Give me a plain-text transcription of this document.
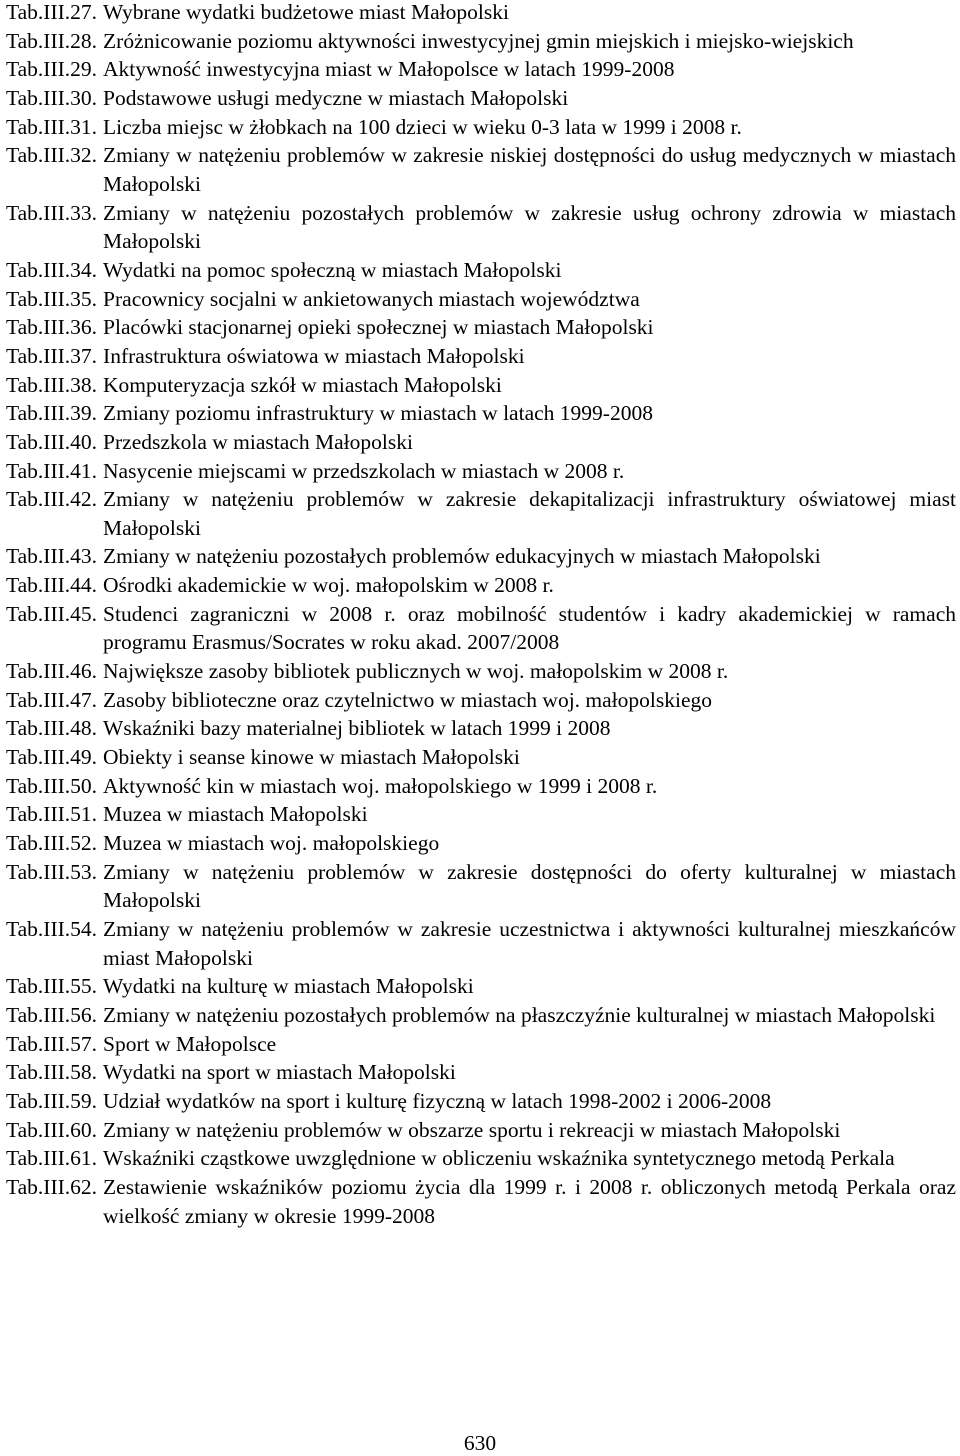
Tab.III.27. Wybrane wydatki budżetowe miast Małopolski
Tab.III.28. Zróżnicowanie poziomu aktywności inwestycyjnej gmin miejskich i miejsko-wiejskich
Tab.III.29. Aktywność inwestycyjna miast w Małopolsce w latach 1999-2008
Tab.III.30. Podstawowe usługi medyczne w miastach Małopolski
Tab.III.31. Liczba miejsc w żłobkach na 100 dzieci w wieku 0-3 lata w 1999 i 2008 r.
Tab.III.32. Zmiany w natężeniu problemów w zakresie niskiej dostępności do usług medycznych w miastach Małopolski
Tab.III.33. Zmiany w natężeniu pozostałych problemów w zakresie usług ochrony zdrowia w miastach Małopolski
Tab.III.34. Wydatki na pomoc społeczną w miastach Małopolski
Tab.III.35. Pracownicy socjalni w ankietowanych miastach województwa
Tab.III.36. Placówki stacjonarnej opieki społecznej w miastach Małopolski
Tab.III.37. Infrastruktura oświatowa w miastach Małopolski
Tab.III.38. Komputeryzacja szkół w miastach Małopolski
Tab.III.39. Zmiany poziomu infrastruktury w miastach w latach 1999-2008
Tab.III.40. Przedszkola w miastach Małopolski
Tab.III.41. Nasycenie miejscami w przedszkolach w miastach w 2008 r.
Tab.III.42. Zmiany w natężeniu problemów w zakresie dekapitalizacji infrastruktury oświatowej miast Małopolski
Tab.III.43. Zmiany w natężeniu pozostałych problemów edukacyjnych w miastach Małopolski
Tab.III.44. Ośrodki akademickie w woj. małopolskim w 2008 r.
Tab.III.45. Studenci zagraniczni w 2008 r. oraz mobilność studentów i kadry akademickiej w ramach programu Erasmus/Socrates w roku akad. 2007/2008
Tab.III.46. Największe zasoby bibliotek publicznych w woj. małopolskim w 2008 r.
Tab.III.47. Zasoby biblioteczne oraz czytelnictwo w miastach woj. małopolskiego
Tab.III.48. Wskaźniki bazy materialnej bibliotek w latach 1999 i 2008
Tab.III.49. Obiekty i seanse kinowe w miastach Małopolski
Tab.III.50. Aktywność kin w miastach woj. małopolskiego w 1999 i 2008 r.
Tab.III.51. Muzea w miastach Małopolski
Tab.III.52. Muzea w miastach woj. małopolskiego
Tab.III.53. Zmiany w natężeniu problemów w zakresie dostępności do oferty kulturalnej w miastach Małopolski
Tab.III.54. Zmiany w natężeniu problemów w zakresie uczestnictwa i aktywności kulturalnej mieszkańców miast Małopolski
Tab.III.55. Wydatki na kulturę w miastach Małopolski
Tab.III.56. Zmiany w natężeniu pozostałych problemów na płaszczyźnie kulturalnej w miastach Małopolski
Tab.III.57. Sport w Małopolsce
Tab.III.58. Wydatki na sport w miastach Małopolski
Tab.III.59. Udział wydatków na sport i kulturę fizyczną w latach 1998-2002 i 2006-2008
Tab.III.60. Zmiany w natężeniu problemów w obszarze sportu i rekreacji w miastach Małopolski
Tab.III.61. Wskaźniki cząstkowe uwzględnione w obliczeniu wskaźnika syntetycznego metodą Perkala
Tab.III.62. Zestawienie wskaźników poziomu życia dla 1999 r. i 2008 r. obliczonych metodą Perkala oraz wielkość zmiany w okresie 1999-2008
630
